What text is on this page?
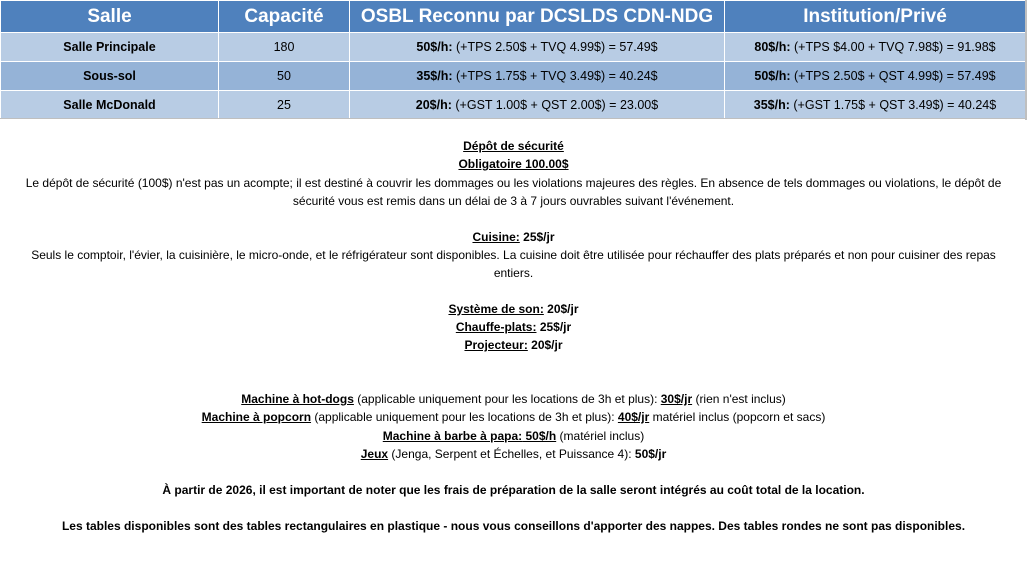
Salle	Capacité	OSBL Reconnu par DCSLDS CDN-NDG	Institution/Privé
Salle Principale	180	50$/h: (+TPS 2.50$ + TVQ 4.99$) = 57.49$	80$/h: (+TPS $4.00 + TVQ 7.98$) = 91.98$
Sous-sol	50	35$/h: (+TPS 1.75$ + TVQ 3.49$) = 40.24$	50$/h: (+TPS 2.50$ + QST 4.99$) = 57.49$
Salle McDonald	25	20$/h: (+GST 1.00$ + QST 2.00$) = 23.00$	35$/h: (+GST 1.75$ + QST 3.49$) = 40.24$
Dépôt de sécurité
Obligatoire 100.00$
Le dépôt de sécurité (100$) n'est pas un acompte; il est destiné à couvrir les dommages ou les violations majeures des règles. En absence de tels dommages ou violations, le dépôt de
sécurité vous est remis dans un délai de 3 à 7 jours ouvrables suivant l'événement.
Cuisine: 25$/jr
Seuls le comptoir, l'évier, la cuisinière, le micro-onde, et le réfrigérateur sont disponibles. La cuisine doit être utilisée pour réchauffer des plats préparés et non pour cuisiner des repas
entiers.
Système de son: 20$/jr
Chauffe-plats: 25$/jr
Projecteur: 20$/jr
Machine à hot-dogs (applicable uniquement pour les locations de 3h et plus): 30$/jr (rien n'est inclus)
Machine à popcorn (applicable uniquement pour les locations de 3h et plus): 40$/jr matériel inclus (popcorn et sacs)
Machine à barbe à papa: 50$/h (matériel inclus)
Jeux (Jenga, Serpent et Échelles, et Puissance 4): 50$/jr
À partir de 2026, il est important de noter que les frais de préparation de la salle seront intégrés au coût total de la location.
Les tables disponibles sont des tables rectangulaires en plastique - nous vous conseillons d'apporter des nappes. Des tables rondes ne sont pas disponibles.
